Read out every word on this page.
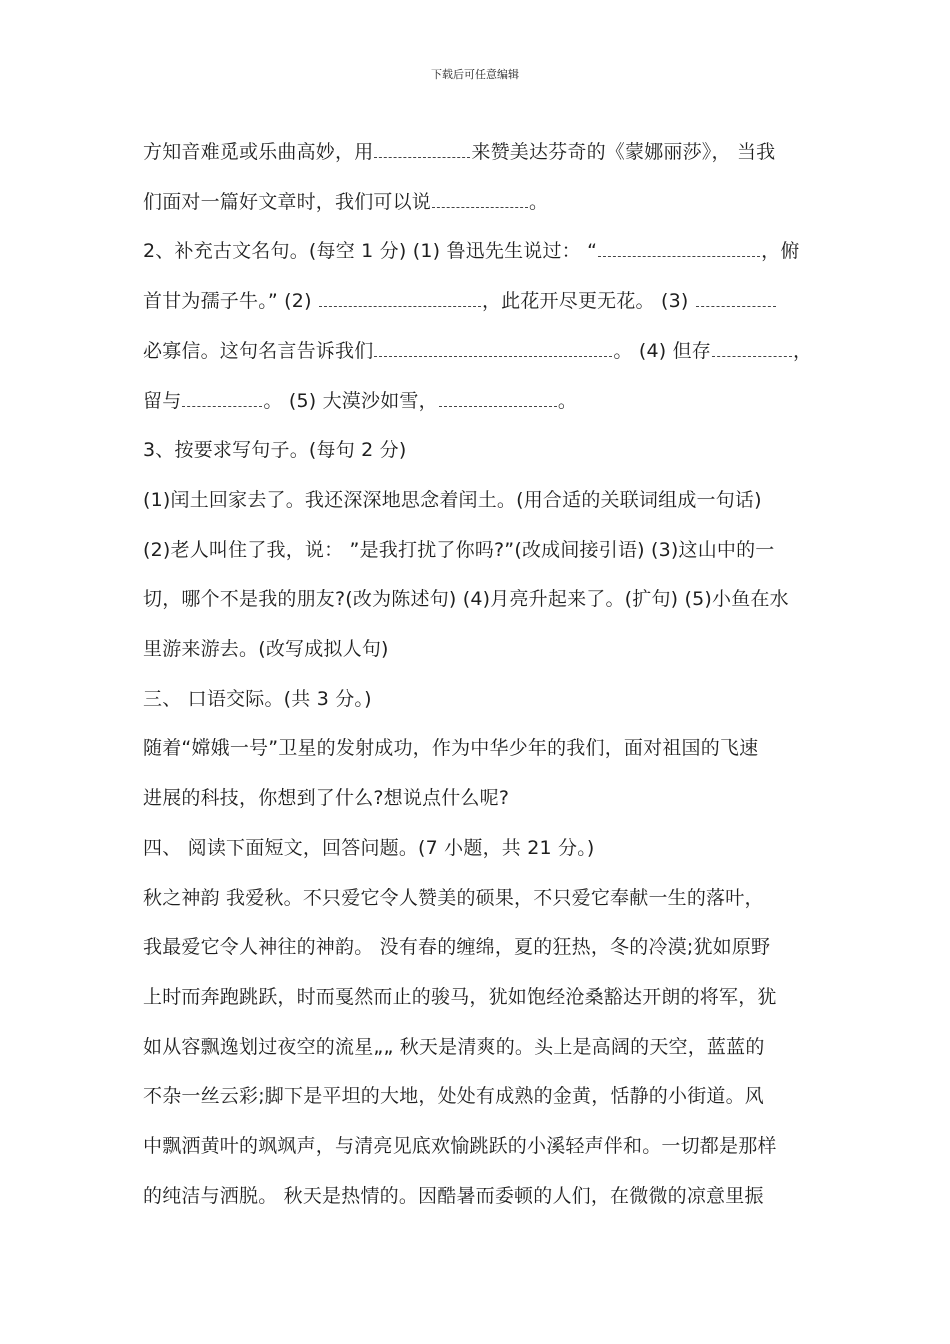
下载后可任意编辑
方知音难觅或乐曲高妙，用	来赞美达芬奇的《蒙娜丽莎》， 当我
们面对一篇好文章时，我们可以说	。
2、补充古文名句。(每空 1 分) (1) 鲁迅先生说过： “	，俯
首甘为孺子牛。” (2)	，此花开尽更无花。 (3)
必寡信。这句名言告诉我们	。 (4) 但存	，
留与	。 (5) 大漠沙如雪，	。
3、按要求写句子。(每句 2 分)
(1)闰土回家去了。我还深深地思念着闰土。(用合适的关联词组成一句话)
(2)老人叫住了我，说： ”是我打扰了你吗?”(改成间接引语) (3)这山中的一
切，哪个不是我的朋友?(改为陈述句) (4)月亮升起来了。(扩句) (5)小鱼在水
里游来游去。(改写成拟人句)
三、 口语交际。(共 3 分。)
随着“嫦娥一号”卫星的发射成功，作为中华少年的我们，面对祖国的飞速
进展的科技，你想到了什么?想说点什么呢?
四、 阅读下面短文，回答问题。(7 小题，共 21 分。)
秋之神韵 我爱秋。不只爱它令人赞美的硕果，不只爱它奉献一生的落叶，
我最爱它令人神往的神韵。 没有春的缠绵，夏的狂热，冬的冷漠;犹如原野
上时而奔跑跳跃，时而戛然而止的骏马，犹如饱经沧桑豁达开朗的将军，犹
如从容飘逸划过夜空的流星„„ 秋天是清爽的。头上是高阔的天空，蓝蓝的
不杂一丝云彩;脚下是平坦的大地，处处有成熟的金黄，恬静的小街道。风
中飘洒黄叶的飒飒声，与清亮见底欢愉跳跃的小溪轻声伴和。一切都是那样
的纯洁与洒脱。 秋天是热情的。因酷暑而委顿的人们，在微微的凉意里振
